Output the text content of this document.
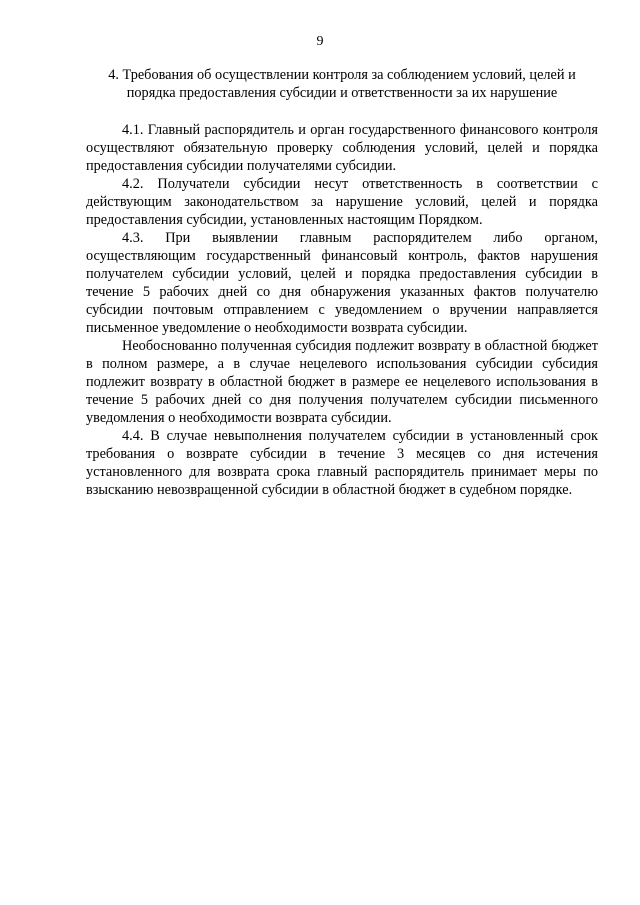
9
4. Требования об осуществлении контроля за соблюдением условий, целей и порядка предоставления субсидии и ответственности за их нарушение

4.1. Главный распорядитель и орган государственного финансового контроля осуществляют обязательную проверку соблюдения условий, целей и порядка предоставления субсидии получателями субсидии.

4.2. Получатели субсидии несут ответственность в соответствии с действующим законодательством за нарушение условий, целей и порядка предоставления субсидии, установленных настоящим Порядком.

4.3. При выявлении главным распорядителем либо органом, осуществляющим государственный финансовый контроль, фактов нарушения получателем субсидии условий, целей и порядка предоставления субсидии в течение 5 рабочих дней со дня обнаружения указанных фактов получателю субсидии почтовым отправлением с уведомлением о вручении направляется письменное уведомление о необходимости возврата субсидии.

Необоснованно полученная субсидия подлежит возврату в областной бюджет в полном размере, а в случае нецелевого использования субсидии субсидия подлежит возврату в областной бюджет в размере ее нецелевого использования в течение 5 рабочих дней со дня получения получателем субсидии письменного уведомления о необходимости возврата субсидии.

4.4. В случае невыполнения получателем субсидии в установленный срок требования о возврате субсидии в течение 3 месяцев со дня истечения установленного для возврата срока главный распорядитель принимает меры по взысканию невозвращенной субсидии в областной бюджет в судебном порядке.
